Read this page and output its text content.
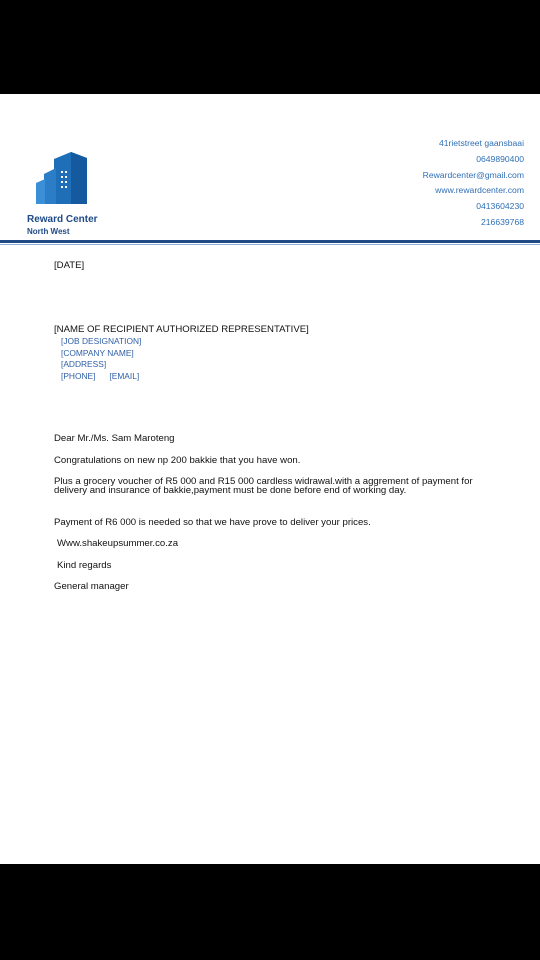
Reward Center
North West
41rietstreet gaansbaai
0649890400
Rewardcenter@gmail.com
www.rewardcenter.com
0413604230
216639768
[DATE]
[NAME OF RECIPIENT AUTHORIZED REPRESENTATIVE]
[JOB DESIGNATION]
[COMPANY NAME]
[ADDRESS]
[PHONE] [EMAIL]
Dear Mr./Ms. Sam Maroteng
Congratulations on new np 200 bakkie that you have won.
Plus a grocery voucher of R5 000 and R15 000 cardless widrawal.with a aggrement of payment for delivery and insurance of bakkie,payment must be done before end of working day.
Payment of R6 000 is needed so that we have prove to deliver your prices.
Www.shakeupsummer.co.za
Kind regards
General manager
